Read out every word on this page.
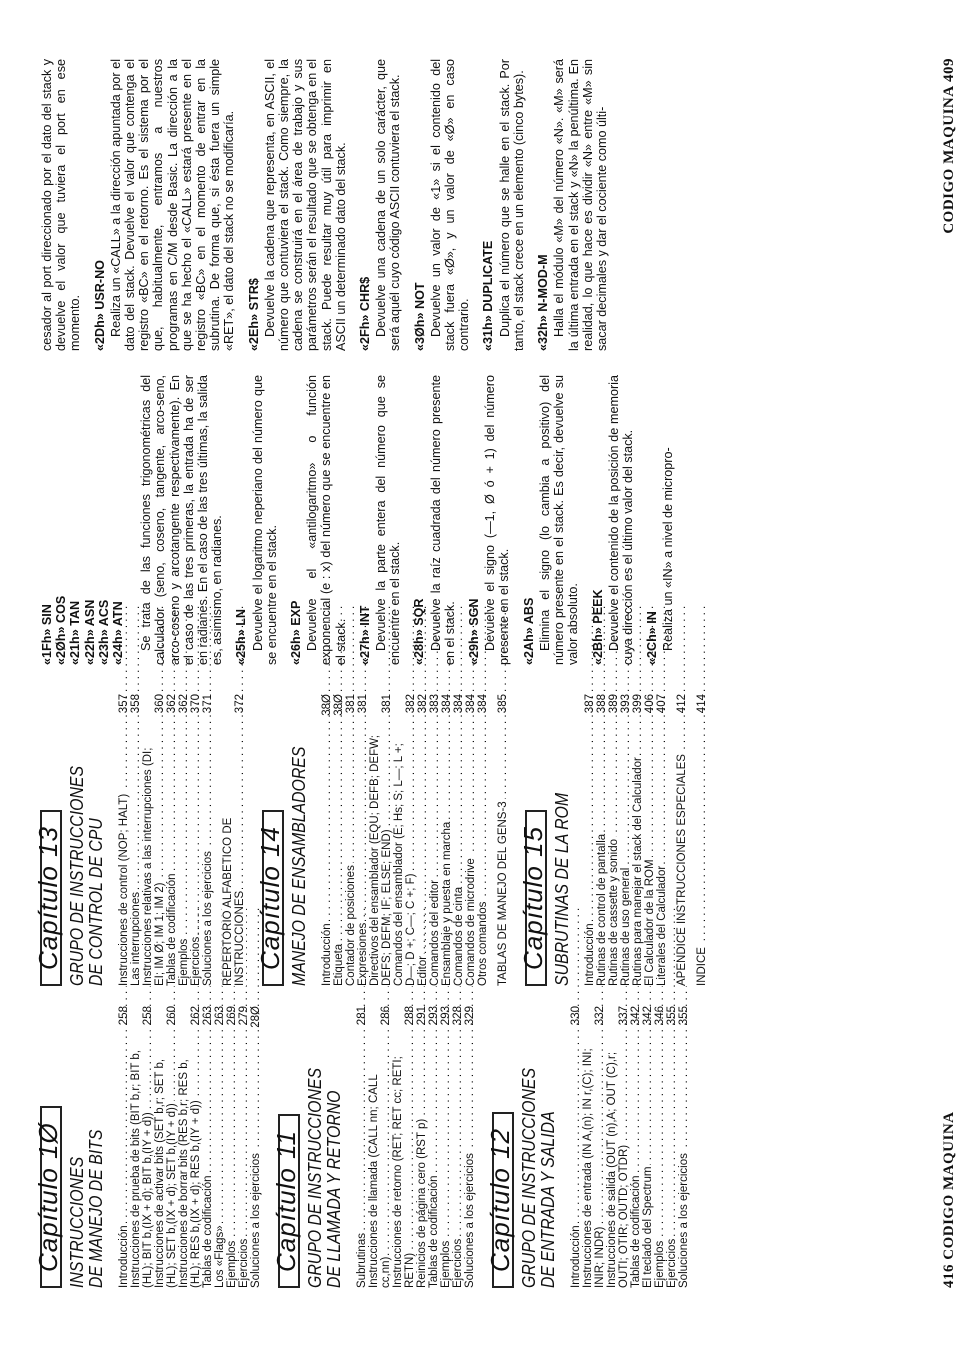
Capítulo 1Ø INSTRUCCIONES DE MANEJO DE BITS Introducción . . .
258
Instrucciones de prueba de bits (BIT b,r; BIT b,(HL); BIT b,(IX + d); BIT b,(IY + d)) . . .
258
Instrucciones de activar bits (SET b,r; SET b,(HL); SET b,(IX + d); SET b,(IY + d)) . . .
260
Instrucciones de borrar bits (RES b,r; RES b,(HL); RES b,(IX + d); RES b,(IY + d)) . . .
262
Tablas de codificación . . .
263
Los «Flags» . . .
263
Ejemplos . . .
269
Ejercicios . . .
279
Soluciones a los ejercicios . . .
28Ø
Capítulo 11 GRUPO DE INSTRUCCIONES DE LLAMADA Y RETORNO Subrutinas . . .
281
Instrucciones de llamada (CALL nn; CALL cc,nn) . . .
286
Instrucciones de retorno (RET; RET cc; RETI; RETN) . . .
288
Reinicios de página cero (RST p) . . .
291
Tablas de codificación . . .
293
Ejemplos . . .
293
Ejercicios . . .
328
Soluciones a los ejercicios . . .
329
Capítulo 12 GRUPO DE INSTRUCCIONES DE ENTRADA Y SALIDA Introducción . . .
330
Instrucciones de entrada (IN A,(n); IN r,(C); INI; INIR; INDR) . . .
332
Instrucciones de salida (OUT (n),A; OUT (C),r; OUTI; OTIR; OUTD; OTDR) . . .
337
Tablas de codificación . . .
342
El teclado del Spectrum . . .
342
Ejemplos . . .
346
Ejercicios . . .
355
Soluciones a los ejercicios . . .
355
Capítulo 13 GRUPO DE INSTRUCCIONES DE CONTROL DE CPU Instrucciones de control (NOP; HALT) . . .
357
Las interrupciones . . .
358
Instrucciones relativas a las interrupciones (DI; EI; IM Ø; IM 1; IM 2) . . .
360
Tablas de codificación . . .
362
Ejemplos . . .
362
Ejercicios . . .
370
Soluciones a los ejercicios . . .
371
REPERTORIO ALFABETICO DE INSTRUCCIONES . . .
372
Capítulo 14 MANEJO DE ENSAMBLADORES Introducción . . .
38Ø
Etiqueta . . .
38Ø
Contador de posiciones . . .
381
Expresiones . . .
381
Directivos del ensamblador (EQU; DEFB; DEFW; DEFS; DEFM; IF; ELSE; END) . . .
381
Comandos del ensamblador (E; Hs; S; L—; L +; D—; D +; C—; C +; F) . . .
382
Editor . . .
382
Comandos del editor . . .
383
Ensamblaje y puesta en marcha . . .
384
Comandos de cinta . . .
384
Comandos de microdrive . . .
384
Otros comandos . . .
384
TABLAS DE MANEJO DEL GENS-3 . . .
385
Capítulo 15 SUBRUTINAS DE LA ROM Introducción . . .
387
Rutinas de control de pantalla . . .
388
Rutinas de cassette y sonido . . .
389
Rutinas de uso general . . .
393
Rutinas para manejar el stack del Calculador . . .
399
El Calculador de la ROM . . .
406
Literales del Calculador . . .
407
APENDICE INSTRUCCIONES ESPECIALES . . .
412
INDICE . . .
414
416 CODIGO MAQUINA
«1Fh» SIN «2Øh» COS «21h» TAN «22h» ASN «23h» ACS «24h» ATN Se trata de las funciones trigonométricas del calculador (seno, coseno, tangente, arco-seno, arco-coseno y arcotangente respectivamente). En el caso de las tres primeras, la entrada ha de ser en radianes. En el caso de las tres últimas, la salida es, asimismo, en radianes. «25h» LN Devuelve el logaritmo neperiano del número que se encuentre en el stack. «26h» EXP Devuelve el «antilogaritmo» o función exponencial (e : x) del número que se encuentre en el stack. «27h» INT Devuelve la parte entera del número que se encuentre en el stack. «28h» SQR Devuelve la raíz cuadrada del número presente en el stack. «29h» SGN Devuelve el signo (—1, Ø ó + 1) del número presente en el stack. «2Ah» ABS Elimina el signo (lo cambia a positivo) del número presente en el stack. Es decir, devuelve su valor absoluto. «2Bh» PEEK Devuelve el contenido de la posición de memoria cuya dirección es el último valor del stack. «2Ch» IN Realiza un «IN» a nivel de micropro-

cesador al port direccionado por el dato del stack y devuelve el valor que tuviera el port en ese momento. «2Dh» USR-NO Realiza un «CALL» a la dirección apuntada por el dato del stack. Devuelve el valor que contenga el registro «BC» en el retorno. Es el sistema por el que, habitualmente, entramos a nuestros programas en C/M desde Basic. La dirección a la que se ha hecho el «CALL» estará presente en el registro «BC» en el momento de entrar en la subrutina. De forma que, si ésta fuera un simple «RET», el dato del stack no se modificaría. «2Eh» STR$ Devuelve la cadena que representa, en ASCII, el número que contuviera el stack. Como siempre, la cadena se construirá en el área de trabajo y sus parámetros serán el resultado que se obtenga en el stack. Puede resultar muy útil para imprimir en ASCII un determinado dato del stack. «2Fh» CHR$ Devuelve una cadena de un solo carácter, que será aquél cuyo código ASCII contuviera el stack. «3Øh» NOT Devuelve un valor de «1» si el contenido del stack fuera «Ø», y un valor de «Ø» en caso contrario. «31h» DUPLICATE Duplica el número que se halle en el stack. Por tanto, el stack crece en un elemento (cinco bytes). «32h» N-MOD-M Halla el módulo «M» del número «N». «M» será la última entrada en el stack y «N» la penúltima. En realidad, lo que hace es dividir «N» entre «M» sin sacar decimales y dar el cociente como últi-	CODIGO MAQUINA 409
